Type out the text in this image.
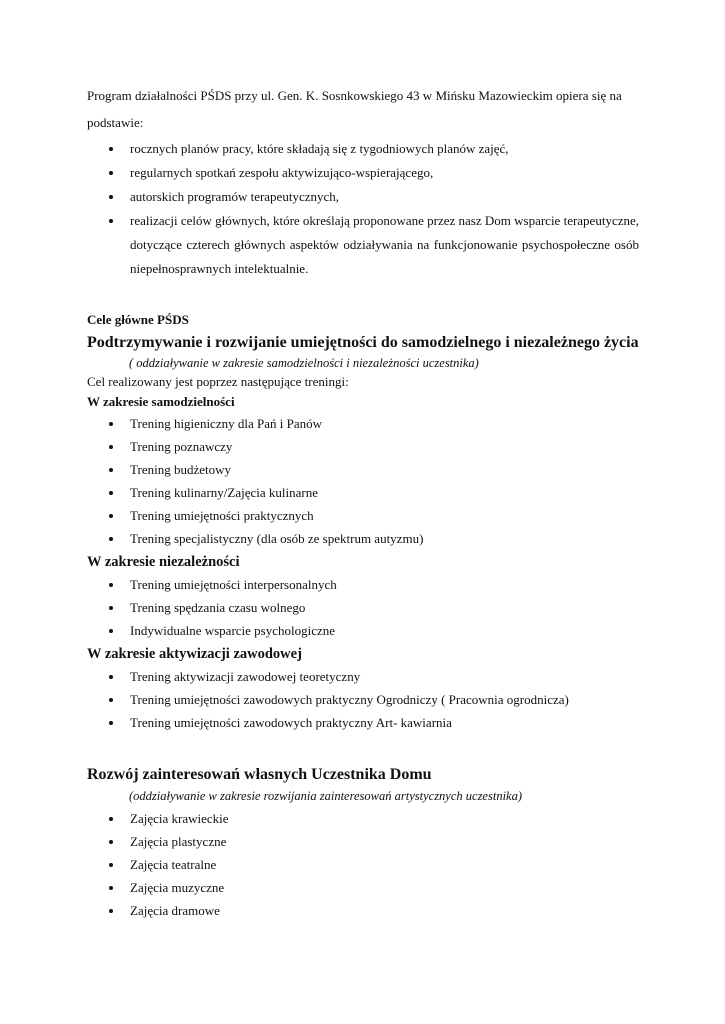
Program działalności PŚDS przy ul. Gen. K. Sosnkowskiego 43 w Mińsku Mazowieckim opiera się na podstawie:

rocznych planów pracy, które składają się z tygodniowych planów zajęć,
regularnych spotkań zespołu aktywizująco-wspierającego,
autorskich programów terapeutycznych,
realizacji celów głównych, które określają proponowane przez nasz Dom wsparcie terapeutyczne, dotyczące czterech głównych aspektów odziaływania na funkcjonowanie psychospołeczne osób niepełnosprawnych intelektualnie.

Cele główne PŚDS

Podtrzymywanie i rozwijanie umiejętności do samodzielnego i niezależnego życia

( oddziaływanie w zakresie samodzielności i niezależności uczestnika)

Cel realizowany jest poprzez następujące treningi:

W zakresie samodzielności

Trening higieniczny dla Pań i Panów
Trening poznawczy
Trening budżetowy
Trening kulinarny/Zajęcia kulinarne
Trening umiejętności praktycznych
Trening specjalistyczny (dla osób ze spektrum autyzmu)

W zakresie niezależności

Trening umiejętności interpersonalnych
Trening spędzania czasu wolnego
Indywidualne wsparcie psychologiczne

W zakresie aktywizacji zawodowej

Trening aktywizacji zawodowej teoretyczny
Trening umiejętności zawodowych praktyczny Ogrodniczy ( Pracownia ogrodnicza)
Trening umiejętności zawodowych praktyczny Art- kawiarnia

Rozwój zainteresowań własnych Uczestnika Domu

(oddziaływanie w zakresie rozwijania zainteresowań artystycznych uczestnika)

Zajęcia krawieckie
Zajęcia plastyczne
Zajęcia teatralne
Zajęcia muzyczne
Zajęcia dramowe
